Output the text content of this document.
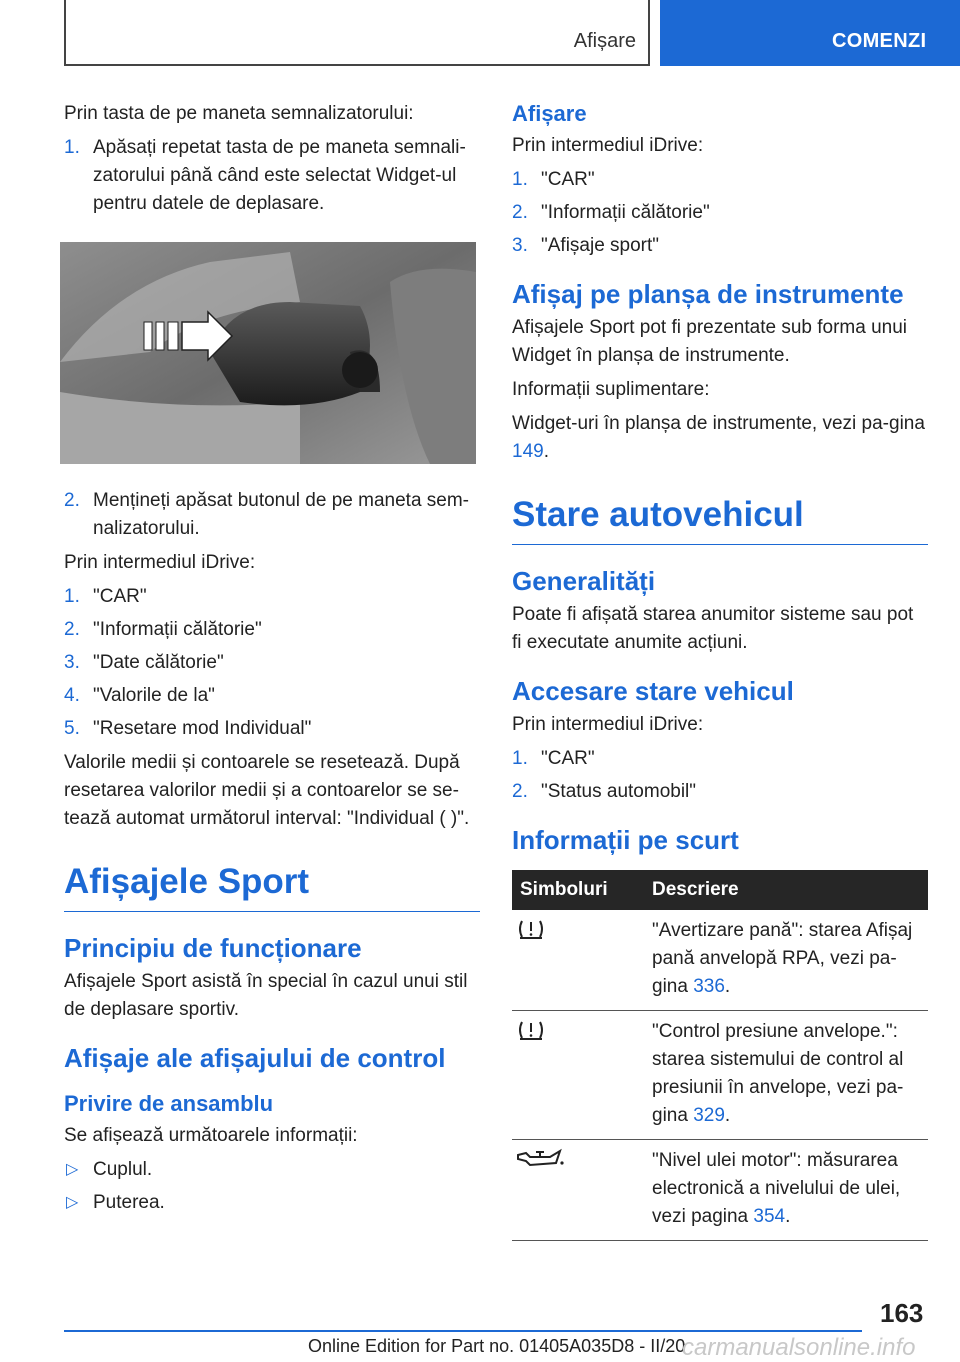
Afișare	COMENZI

Prin tasta de pe maneta semnalizatorului:

1. Apăsați repetat tasta de pe maneta semnali-zatorului până când este selectat Widget-ul pentru datele de deplasare.
2. Mențineți apăsat butonul de pe maneta sem-nalizatorului.

Prin intermediul iDrive:

1. "CAR"
2. "Informații călătorie"
3. "Date călătorie"
4. "Valorile de la"
5. "Resetare mod Individual"

Valorile medii și contoarele se resetează. După resetarea valorilor medii și a contoarelor se se-tează automat următorul interval: "Individual ( )".

Afișajele Sport
Principiu de funcționare

Afișajele Sport asistă în special în cazul unui stil de deplasare sportiv.

Afișaje ale afișajului de control
Privire de ansamblu

Se afișează următoarele informații:

▷ Cuplul.
▷ Puterea.
Afișare

Prin intermediul iDrive:

1. "CAR"
2. "Informații călătorie"
3. "Afișaje sport"
Afișaj pe planșa de instrumente

Afișajele Sport pot fi prezentate sub forma unui Widget în planșa de instrumente.

Informații suplimentare:

Widget-uri în planșa de instrumente, vezi pa-gina 149.

Stare autovehicul
Generalități

Poate fi afișată starea anumitor sisteme sau pot fi executate anumite acțiuni.

Accesare stare vehicul

Prin intermediul iDrive:

1. "CAR"
2. "Status automobil"
Informații pe scurt
Simboluri	Descriere
	"Avertizare pană": starea Afișaj pană anvelopă RPA, vezi pa-gina 336.
	"Control presiune anvelope.": starea sistemului de control al presiunii în anvelope, vezi pa-gina 329.
	"Nivel ulei motor": măsurarea electronică a nivelului de ulei, vezi pagina 354.
163
Online Edition for Part no. 01405A035D8 - II/20
carmanualsonline.info
